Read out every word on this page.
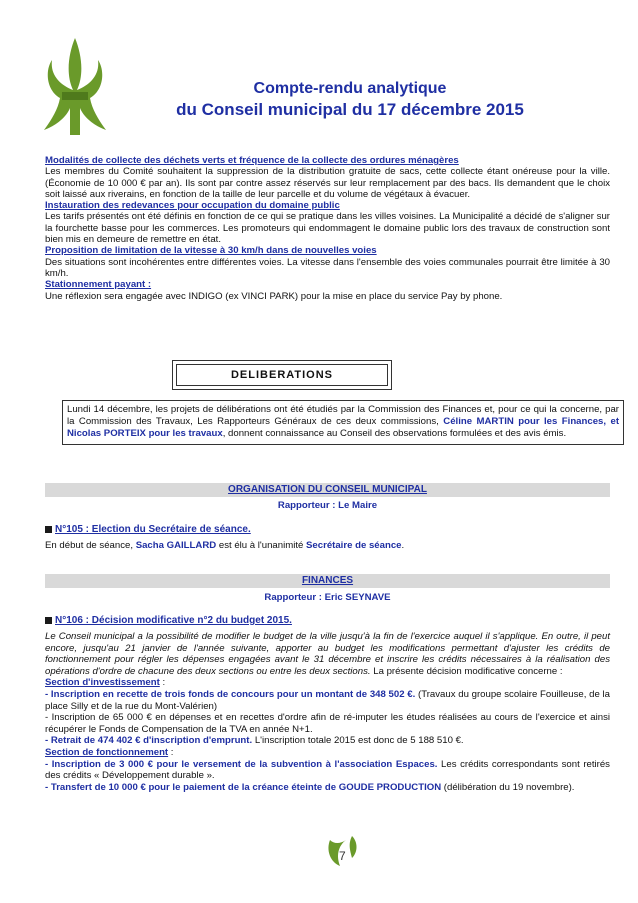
Compte-rendu analytique
du Conseil municipal du 17 décembre 2015
Modalités de collecte des déchets verts et fréquence de la collecte des ordures ménagères

Les membres du Comité souhaitent la suppression de la distribution gratuite de sacs, cette collecte étant onéreuse pour la ville. (Économie de 10 000 € par an). Ils sont par contre assez réservés sur leur remplacement par des bacs. Ils demandent que le choix soit laissé aux riverains, en fonction de la taille de leur parcelle et du volume de végétaux à évacuer.

Instauration des redevances pour occupation du domaine public

Les tarifs présentés ont été définis en fonction de ce qui se pratique dans les villes voisines. La Municipalité a décidé de s'aligner sur la fourchette basse pour les commerces. Les promoteurs qui endommagent le domaine public lors des travaux de construction sont bien mis en demeure de remettre en état.

Proposition de limitation de la vitesse à 30 km/h dans de nouvelles voies

Des situations sont incohérentes entre différentes voies. La vitesse dans l'ensemble des voies communales pourrait être limitée à 30 km/h.

Stationnement payant :

Une réflexion sera engagée avec INDIGO (ex VINCI PARK) pour la mise en place du service Pay by phone.

DELIBERATIONS
Lundi 14 décembre, les projets de délibérations ont été étudiés par la Commission des Finances et, pour ce qui la concerne, par la Commission des Travaux, Les Rapporteurs Généraux de ces deux commissions, Céline MARTIN pour les Finances, et Nicolas PORTEIX pour les travaux, donnent connaissance au Conseil des observations formulées et des avis émis.
ORGANISATION DU CONSEIL MUNICIPAL
Rapporteur : Le Maire
N°105 : Election du Secrétaire de séance.
En début de séance, Sacha GAILLARD est élu à l'unanimité Secrétaire de séance.
FINANCES
Rapporteur : Eric SEYNAVE
N°106 : Décision modificative n°2 du budget 2015.
Le Conseil municipal a la possibilité de modifier le budget de la ville jusqu'à la fin de l'exercice auquel il s'applique. En outre, il peut encore, jusqu'au 21 janvier de l'année suivante, apporter au budget les modifications permettant d'ajuster les crédits de fonctionnement pour régler les dépenses engagées avant le 31 décembre et inscrire les crédits nécessaires à la réalisation des opérations d'ordre de chacune des deux sections ou entre les deux sections. La présente décision modificative concerne :
Section d'investissement :
- Inscription en recette de trois fonds de concours pour un montant de 348 502 €. (Travaux du groupe scolaire Fouilleuse, de la place Silly et de la rue du Mont-Valérien)
- Inscription de 65 000 € en dépenses et en recettes d'ordre afin de ré-imputer les études réalisées au cours de l'exercice et ainsi récupérer le Fonds de Compensation de la TVA en année N+1.
- Retrait de 474 402 € d'inscription d'emprunt. L'inscription totale 2015 est donc de 5 188 510 €.
Section de fonctionnement :
- Inscription de 3 000 € pour le versement de la subvention à l'association Espaces. Les crédits correspondants sont retirés des crédits « Développement durable ».
- Transfert de 10 000 € pour le paiement de la créance éteinte de GOUDE PRODUCTION (délibération du 19 novembre).
7
